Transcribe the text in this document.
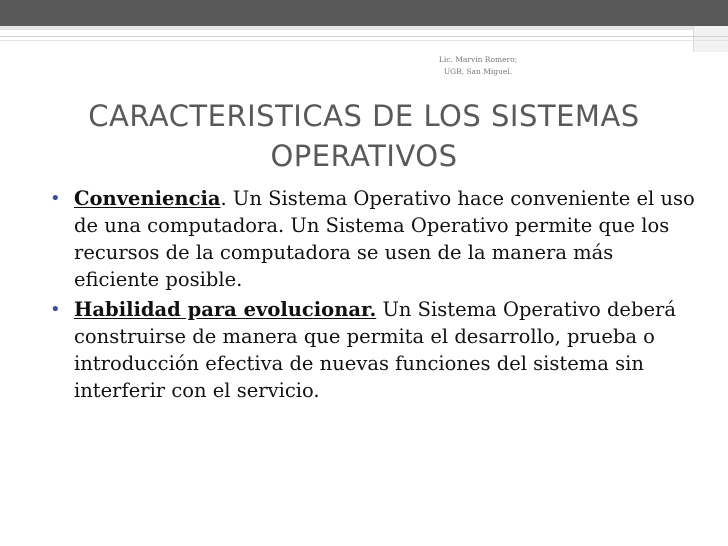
Lic. Marvin Romero;
UGB, San Miguel.
CARACTERISTICAS DE LOS SISTEMAS OPERATIVOS
• Conveniencia. Un Sistema Operativo hace conveniente el uso de una computadora. Un Sistema Operativo permite que los recursos de la computadora se usen de la manera más eficiente posible.
• Habilidad para evolucionar. Un Sistema Operativo deberá construirse de manera que permita el desarrollo, prueba o introducción efectiva de nuevas funciones del sistema sin interferir con el servicio.
